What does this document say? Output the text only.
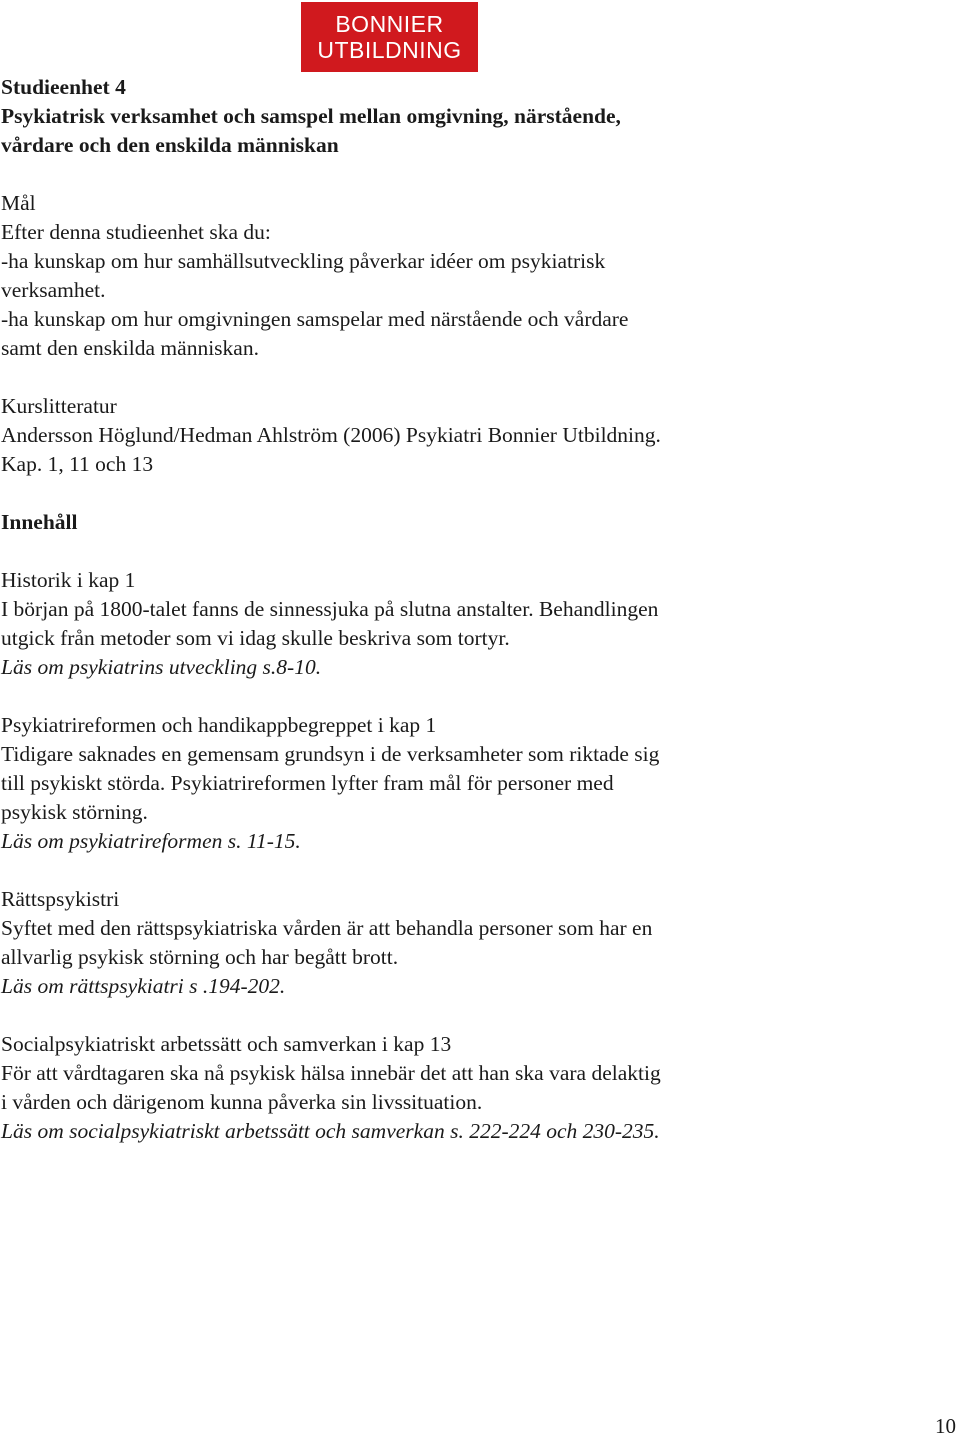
BONNIER
UTBILDNING
Studieenhet 4
Psykiatrisk verksamhet och samspel mellan omgivning, närstående,
vårdare och den enskilda människan
Mål
Efter denna studieenhet ska du:
-ha kunskap om hur samhällsutveckling påverkar idéer om psykiatrisk
verksamhet.
-ha kunskap om hur omgivningen samspelar med närstående och vårdare
samt den enskilda människan.
Kurslitteratur
Andersson Höglund/Hedman Ahlström (2006) Psykiatri Bonnier Utbildning.
Kap. 1, 11 och 13
Innehåll
Historik i kap 1
I början på 1800-talet fanns de sinnessjuka på slutna anstalter. Behandlingen
utgick från metoder som vi idag skulle beskriva som tortyr.
Läs om psykiatrins utveckling s.8-10.
Psykiatrireformen och handikappbegreppet i kap 1
Tidigare saknades en gemensam grundsyn i de verksamheter som riktade sig
till psykiskt störda. Psykiatrireformen lyfter fram mål för personer med
psykisk störning.
Läs om psykiatrireformen s. 11-15.
Rättspsykistri
Syftet med den rättspsykiatriska vården är att behandla personer som har en
allvarlig psykisk störning och har begått brott.
Läs om rättspsykiatri s .194-202.
Socialpsykiatriskt arbetssätt och samverkan i kap 13
För att vårdtagaren ska nå psykisk hälsa innebär det att han ska vara delaktig
i vården och därigenom kunna påverka sin livssituation.
Läs om socialpsykiatriskt arbetssätt och samverkan s. 222-224 och 230-235.
10
